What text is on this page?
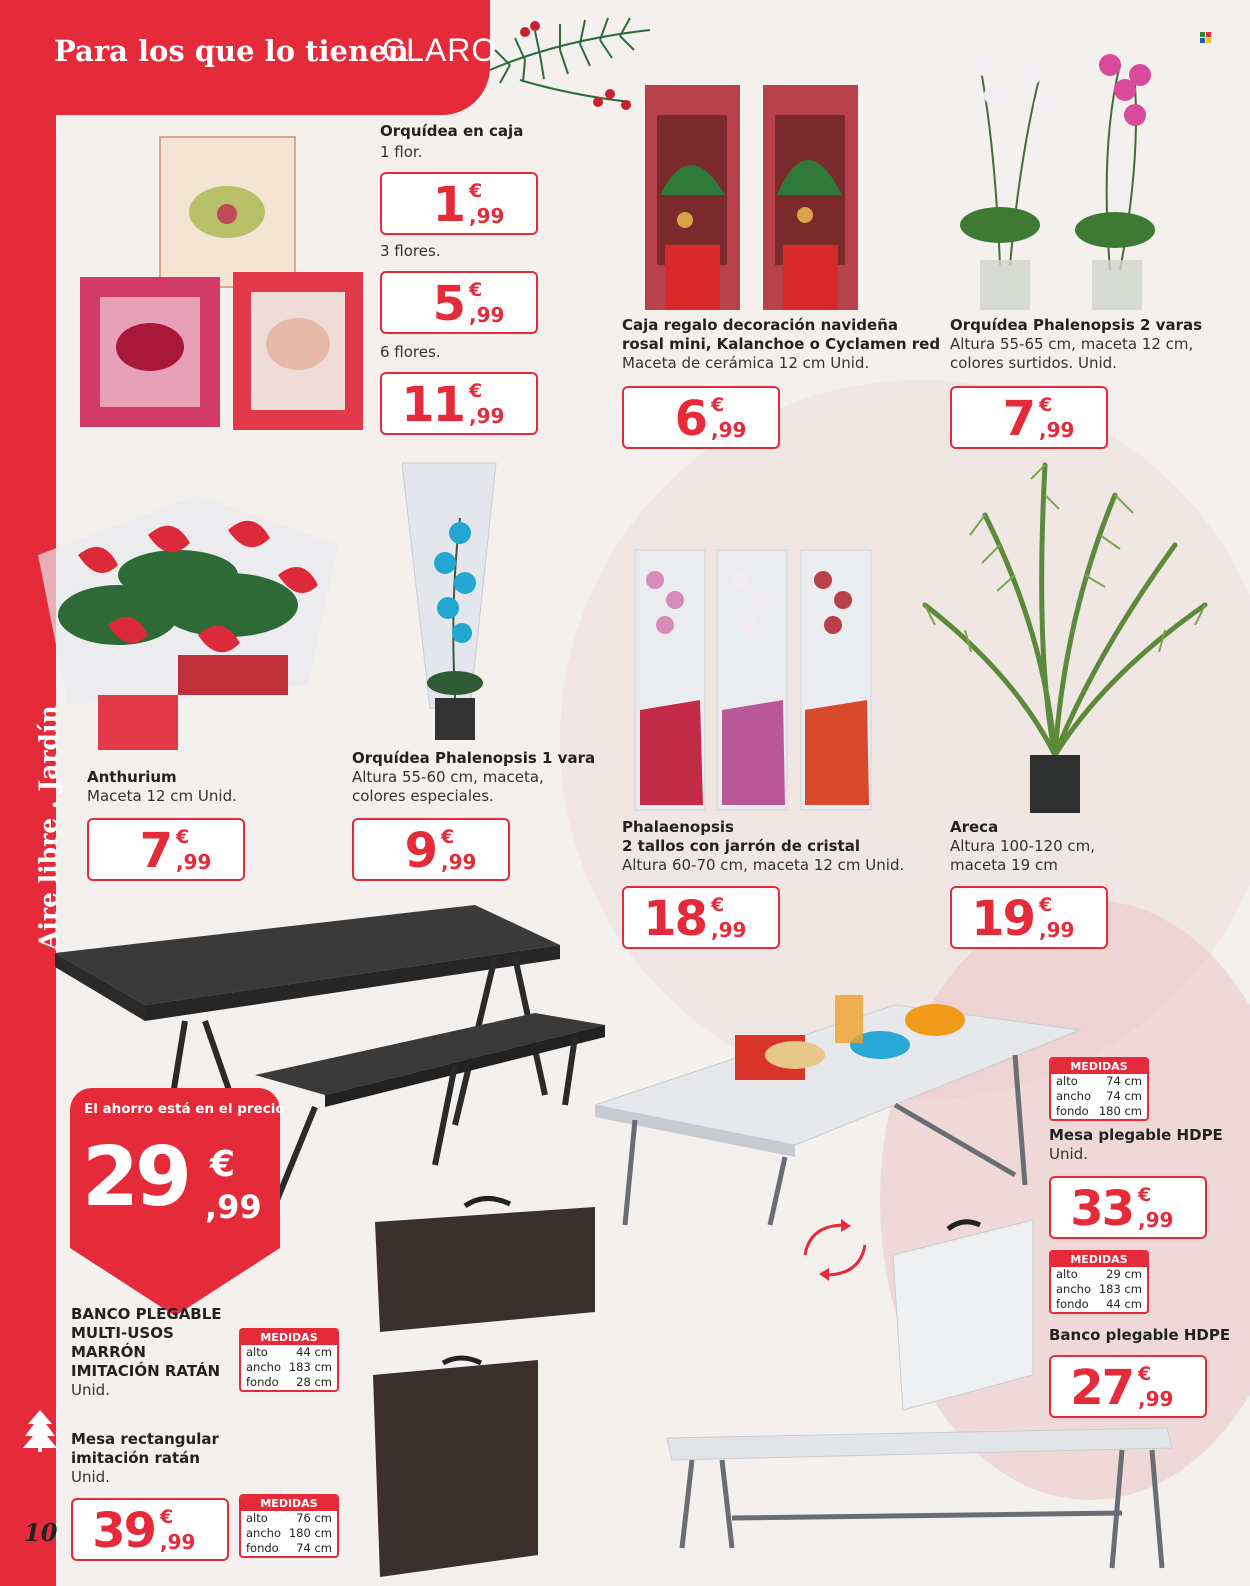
Para los que lo tienen
CLARO
Aire libre . Jardín
10
Orquídea en caja
1 flor.
1 €
,99
3 flores.
5 €
,99
6 flores.
11 €
,99
Caja regalo decoración navideña
rosal mini, Kalanchoe o Cyclamen red
Maceta de cerámica 12 cm Unid.
6 €
,99
Orquídea Phalenopsis 2 varas
Altura 55-65 cm, maceta 12 cm,
colores surtidos. Unid.
7 €
,99
Anthurium
Maceta 12 cm Unid.
7 €
,99
Orquídea Phalenopsis 1 vara
Altura 55-60 cm, maceta,
colores especiales.
9 €
,99
Phalaenopsis
2 tallos con jarrón de cristal
Altura 60-70 cm, maceta 12 cm Unid.
18 €
,99
Areca
Altura 100-120 cm,
maceta 19 cm
19 €
,99
El ahorro está en el precio
29 €
,99
BANCO PLEGABLE
MULTI-USOS
MARRÓN
IMITACIÓN RATÁN
Unid.
MEDIDAS
alto 44 cm
ancho 183 cm
fondo 28 cm
Mesa rectangular
imitación ratán
Unid.
MEDIDAS
alto 76 cm
ancho 180 cm
fondo 74 cm
39 €
,99
MEDIDAS
alto 74 cm
ancho 74 cm
fondo 180 cm
Mesa plegable HDPE
Unid.
33 €
,99
MEDIDAS
alto 29 cm
ancho 183 cm
fondo 44 cm
Banco plegable HDPE
27 €
,99
